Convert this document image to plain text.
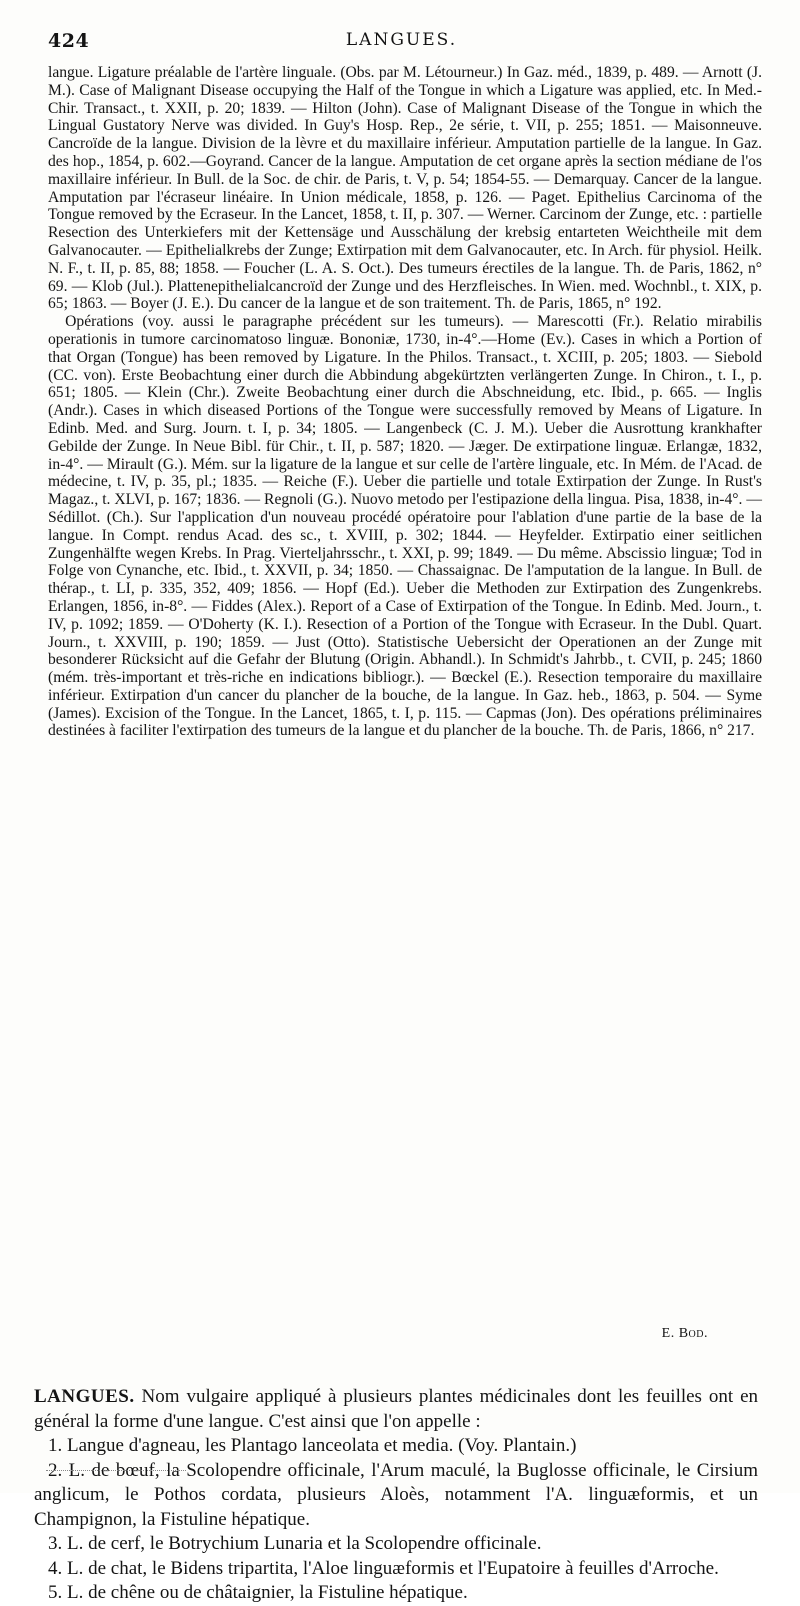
424	LANGUES.

langue. Ligature préalable de l'artère linguale. (Obs. par M. Létourneur.) In Gaz. méd., 1839, p. 489. — Arnott (J. M.). Case of Malignant Disease occupying the Half of the Tongue in which a Ligature was applied, etc. In Med.-Chir. Transact., t. XXII, p. 20; 1839. — Hilton (John). Case of Malignant Disease of the Tongue in which the Lingual Gustatory Nerve was divided. In Guy's Hosp. Rep., 2e série, t. VII, p. 255; 1851. — Maisonneuve. Cancroïde de la langue. Division de la lèvre et du maxillaire inférieur. Amputation partielle de la langue. In Gaz. des hop., 1854, p. 602.—Goyrand. Cancer de la langue. Amputation de cet organe après la section médiane de l'os maxillaire inférieur. In Bull. de la Soc. de chir. de Paris, t. V, p. 54; 1854-55. — Demarquay. Cancer de la langue. Amputation par l'écraseur linéaire. In Union médicale, 1858, p. 126. — Paget. Epithelius Carcinoma of the Tongue removed by the Ecraseur. In the Lancet, 1858, t. II, p. 307. — Werner. Carcinom der Zunge, etc. : partielle Resection des Unterkiefers mit der Kettensäge und Ausschälung der krebsig entarteten Weichtheile mit dem Galvanocauter. — Epithelialkrebs der Zunge; Extirpation mit dem Galvanocauter, etc. In Arch. für physiol. Heilk. N. F., t. II, p. 85, 88; 1858. — Foucher (L. A. S. Oct.). Des tumeurs érectiles de la langue. Th. de Paris, 1862, n° 69. — Klob (Jul.). Plattenepithelialcancroïd der Zunge und des Herzfleisches. In Wien. med. Wochnbl., t. XIX, p. 65; 1863. — Boyer (J. E.). Du cancer de la langue et de son traitement. Th. de Paris, 1865, n° 192.

Opérations (voy. aussi le paragraphe précédent sur les tumeurs). — Marescotti (Fr.). Relatio mirabilis operationis in tumore carcinomatoso linguæ. Bononiæ, 1730, in-4°.—Home (Ev.). Cases in which a Portion of that Organ (Tongue) has been removed by Ligature. In the Philos. Transact., t. XCIII, p. 205; 1803. — Siebold (CC. von). Erste Beobachtung einer durch die Abbindung abgekürtzten verlängerten Zunge. In Chiron., t. I., p. 651; 1805. — Klein (Chr.). Zweite Beobachtung einer durch die Abschneidung, etc. Ibid., p. 665. — Inglis (Andr.). Cases in which diseased Portions of the Tongue were successfully removed by Means of Ligature. In Edinb. Med. and Surg. Journ. t. I, p. 34; 1805. — Langenbeck (C. J. M.). Ueber die Ausrottung krankhafter Gebilde der Zunge. In Neue Bibl. für Chir., t. II, p. 587; 1820. — Jæger. De extirpatione linguæ. Erlangæ, 1832, in-4°. — Mirault (G.). Mém. sur la ligature de la langue et sur celle de l'artère linguale, etc. In Mém. de l'Acad. de médecine, t. IV, p. 35, pl.; 1835. — Reiche (F.). Ueber die partielle und totale Extirpation der Zunge. In Rust's Magaz., t. XLVI, p. 167; 1836. — Regnoli (G.). Nuovo metodo per l'estipazione della lingua. Pisa, 1838, in-4°. — Sédillot. (Ch.). Sur l'application d'un nouveau procédé opératoire pour l'ablation d'une partie de la base de la langue. In Compt. rendus Acad. des sc., t. XVIII, p. 302; 1844. — Heyfelder. Extirpatio einer seitlichen Zungenhälfte wegen Krebs. In Prag. Vierteljahrsschr., t. XXI, p. 99; 1849. — Du même. Abscissio linguæ; Tod in Folge von Cynanche, etc. Ibid., t. XXVII, p. 34; 1850. — Chassaignac. De l'amputation de la langue. In Bull. de thérap., t. LI, p. 335, 352, 409; 1856. — Hopf (Ed.). Ueber die Methoden zur Extirpation des Zungenkrebs. Erlangen, 1856, in-8°. — Fiddes (Alex.). Report of a Case of Extirpation of the Tongue. In Edinb. Med. Journ., t. IV, p. 1092; 1859. — O'Doherty (K. I.). Resection of a Portion of the Tongue with Ecraseur. In the Dubl. Quart. Journ., t. XXVIII, p. 190; 1859. — Just (Otto). Statistische Uebersicht der Operationen an der Zunge mit besonderer Rücksicht auf die Gefahr der Blutung (Origin. Abhandl.). In Schmidt's Jahrbb., t. CVII, p. 245; 1860 (mém. très-important et très-riche en indications bibliogr.). — Bœckel (E.). Resection temporaire du maxillaire inférieur. Extirpation d'un cancer du plancher de la bouche, de la langue. In Gaz. heb., 1863, p. 504. — Syme (James). Excision of the Tongue. In the Lancet, 1865, t. I, p. 115. — Capmas (Jon). Des opérations préliminaires destinées à faciliter l'extirpation des tumeurs de la langue et du plancher de la bouche. Th. de Paris, 1866, n° 217.

E. Bod.

LANGUES. Nom vulgaire appliqué à plusieurs plantes médicinales dont les feuilles ont en général la forme d'une langue. C'est ainsi que l'on appelle :

1. Langue d'agneau, les Plantago lanceolata et media. (Voy. Plantain.)

2. L. de bœuf, la Scolopendre officinale, l'Arum maculé, la Buglosse officinale, le Cirsium anglicum, le Pothos cordata, plusieurs Aloès, notamment l'A. linguæformis, et un Champignon, la Fistuline hépatique.

3. L. de cerf, le Botrychium Lunaria et la Scolopendre officinale.

4. L. de chat, le Bidens tripartita, l'Aloe linguæformis et l'Eupatoire à feuilles d'Arroche.

5. L. de chêne ou de châtaignier, la Fistuline hépatique.
